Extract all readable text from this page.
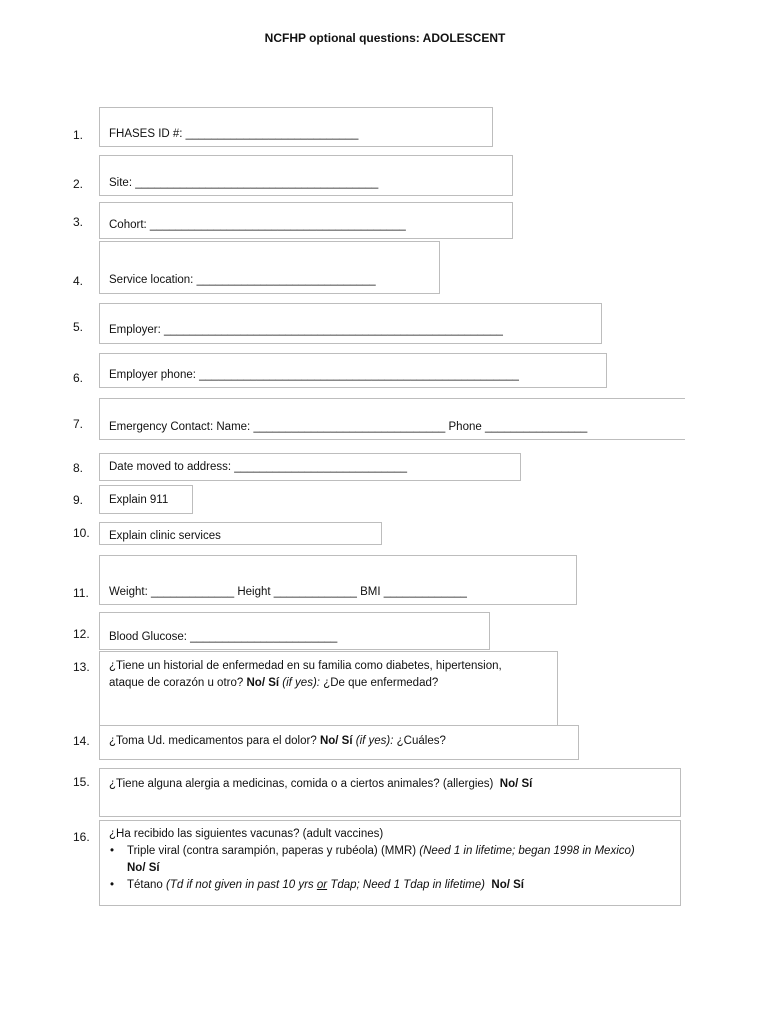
NCFHP optional questions: ADOLESCENT
1. FHASES ID #: ___________________________
2. Site: ______________________________________
3. Cohort: ________________________________________
4. Service location: ____________________________
5. Employer: _____________________________________________________
6. Employer phone: __________________________________________________
7. Emergency Contact: Name: ______________________________ Phone ________________
8. Date moved to address: ___________________________
9. Explain 911
10. Explain clinic services
11. Weight: _____________ Height _____________ BMI _____________
12. Blood Glucose: _______________________
13. ¿Tiene un historial de enfermedad en su familia como diabetes, hipertension,
ataque de corazón u otro? No/ Sí (if yes): ¿De que enfermedad?
14. ¿Toma Ud. medicamentos para el dolor? No/ Sí (if yes): ¿Cuáles?
15. ¿Tiene alguna alergia a medicinas, comida o a ciertos animales? (allergies) No/ Sí
16. ¿Ha recibido las siguientes vacunas? (adult vaccines)
• Triple viral (contra sarampión, paperas y rubéola) (MMR) (Need 1 in lifetime; began 1998 in Mexico)  No/ Sí
• Tétano (Td if not given in past 10 yrs or Tdap; Need 1 Tdap in lifetime) No/ Sí
